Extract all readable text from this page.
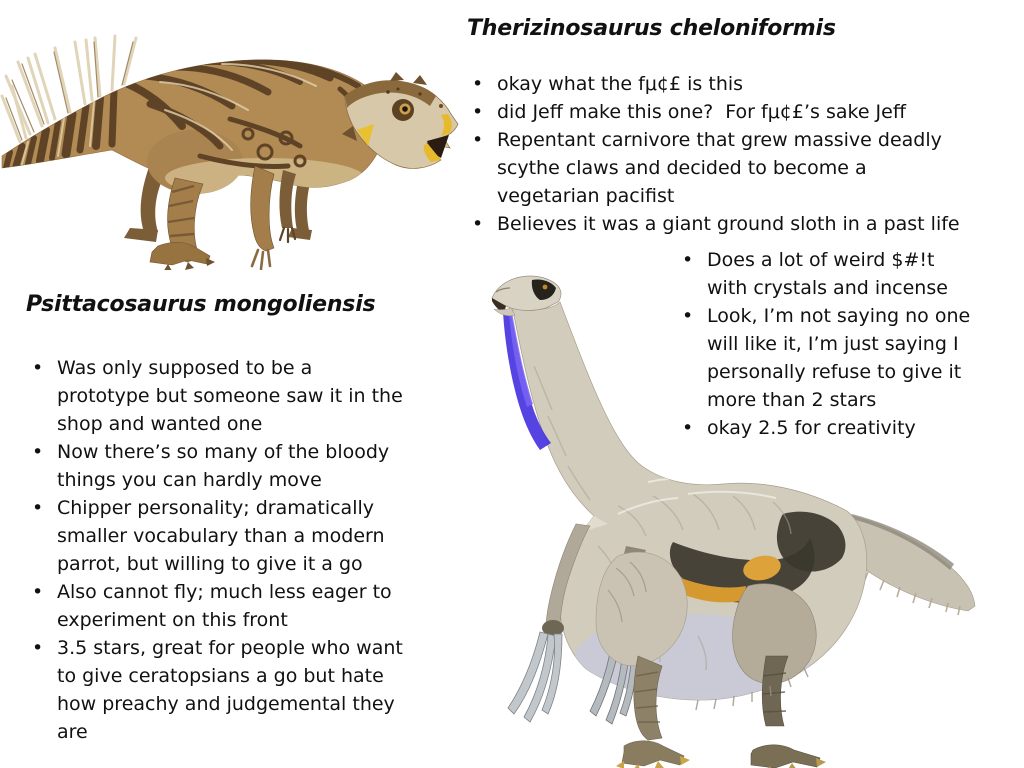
Therizinosaurus cheloniformis
Psittacosaurus mongoliensis
• okay what the fμ¢£ is this
• did Jeff make this one?  For fμ¢£’s sake Jeff
• Repentant carnivore that grew massive deadly scythe claws and decided to become a vegetarian pacifist
• Believes it was a giant ground sloth in a past life
• Does a lot of weird $#!t with crystals and incense
• Look, I’m not saying no one will like it, I’m just saying I personally refuse to give it more than 2 stars
• okay 2.5 for creativity
• Was only supposed to be a prototype but someone saw it in the shop and wanted one
• Now there’s so many of the bloody things you can hardly move
• Chipper personality; dramatically smaller vocabulary than a modern parrot, but willing to give it a go
• Also cannot fly; much less eager to experiment on this front
• 3.5 stars, great for people who want to give ceratopsians a go but hate how preachy and judgemental they are
